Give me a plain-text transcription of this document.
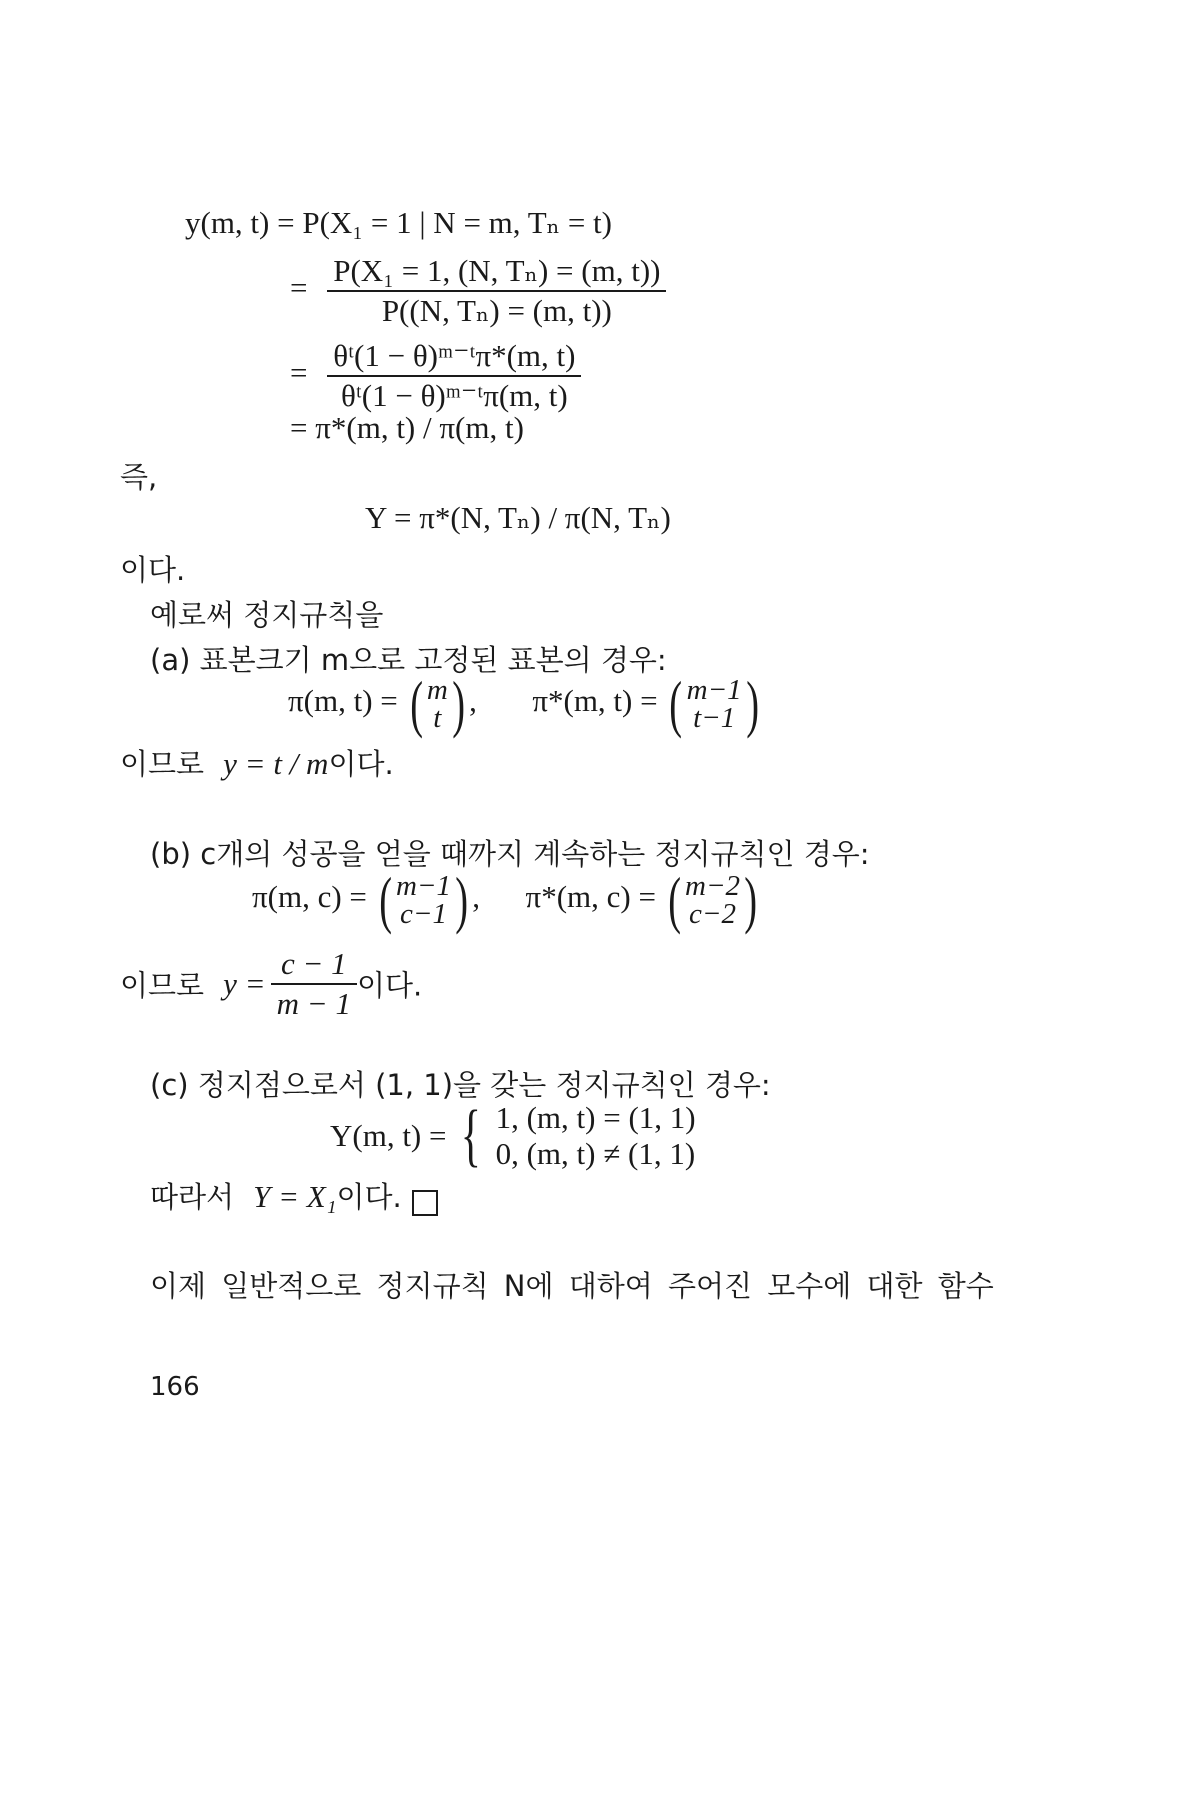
y(m, t) = P(X₁ = 1 | N = m, Tₙ = t)
= $\frac{\text{P(X₁ = 1, (N, Tₙ) = (m, t))}}{\text{P((N, Tₙ) = (m, t))}}$
= $\frac{\text{θᵗ(1 − θ)ᵐ⁻ᵗπ*(m, t)}}{\text{θᵗ(1 − θ)ᵐ⁻ᵗπ(m, t)}}$
= π*(m, t) / π(m, t)
즉,
Y = π*(N, Tₙ) / π(N, Tₙ)
이다.
예로써 정지규칙을
(a) 표본크기 m으로 고정된 표본의 경우:
π(m, t) = ( m
t ) ,  π*(m, t) = ( m−1
t−1 )
이므로 y = t / m이다.
(b) c개의 성공을 얻을 때까지 계속하는 정지규칙인 경우:
π(m, c) = ( m−1
c−1 ) ,  π*(m, c) = ( m−2
c−2 )
이므로 $y = \frac{c - 1}{m - 1}$ 이다.
(c) 정지점으로서 (1, 1)을 갖는 정지규칙인 경우:
Y(m, t) = { 1, (m, t) = (1, 1)
0, (m, t) ≠ (1, 1)
따라서 Y = X₁이다.
이제 일반적으로 정지규칙 N에 대하여 주어진 모수에 대한 함수
166
